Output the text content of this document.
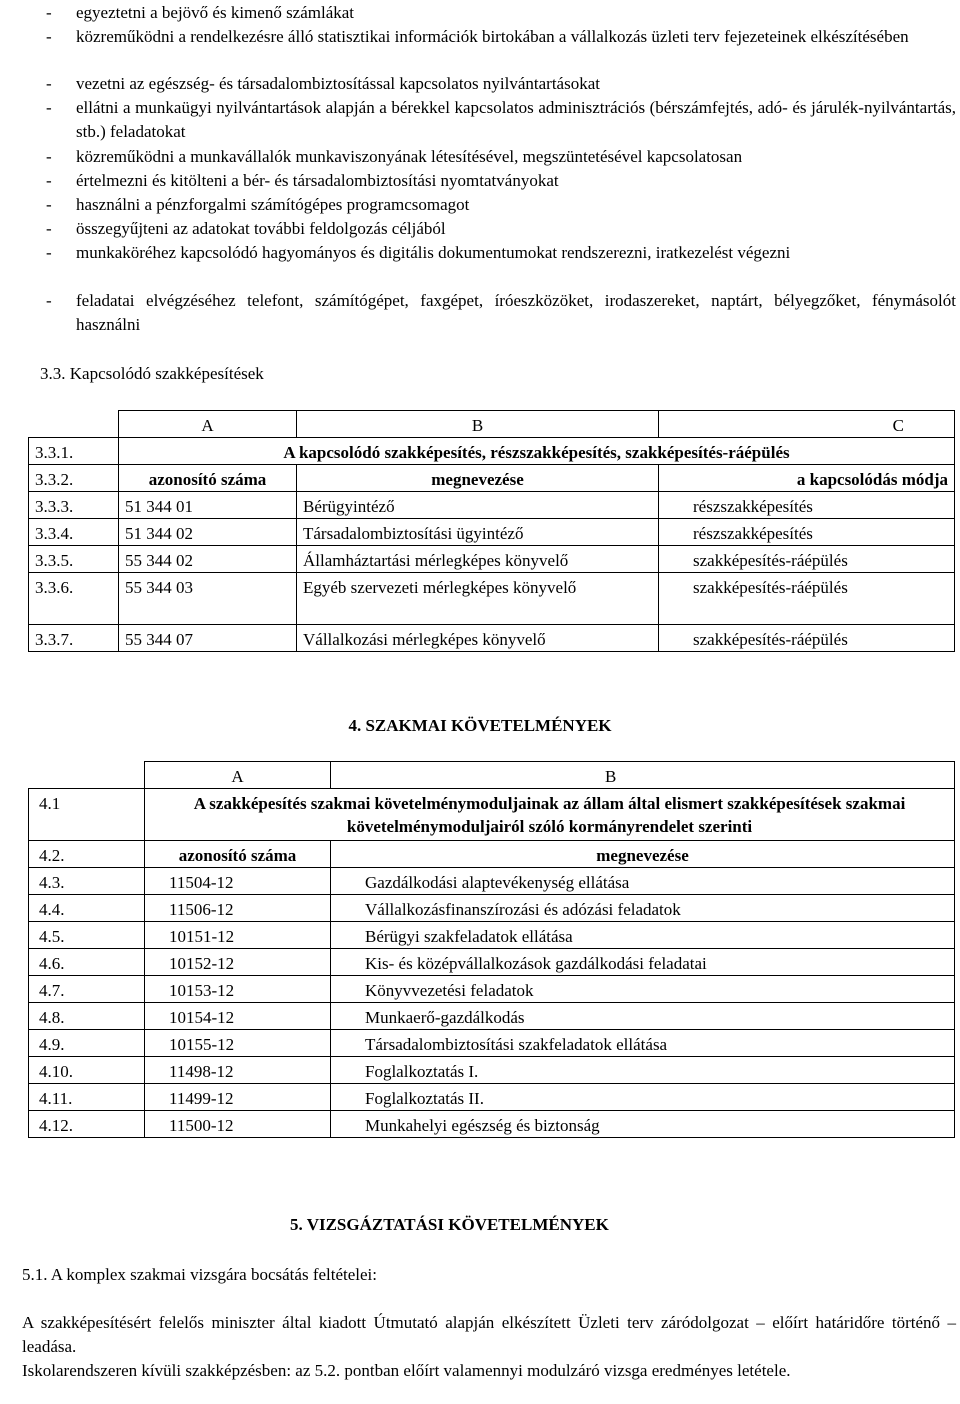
- egyeztetni a bejövő és kimenő számlákat
- közreműködni a rendelkezésre álló statisztikai információk birtokában a vállalkozás üzleti terv fejezeteinek elkészítésében
- vezetni az egészség- és társadalombiztosítással kapcsolatos nyilvántartásokat
- ellátni a munkaügyi nyilvántartások alapján a bérekkel kapcsolatos adminisztrációs (bérszámfejtés, adó- és járulék-nyilvántartás, stb.) feladatokat
- közreműködni a munkavállalók munkaviszonyának létesítésével, megszüntetésével kapcsolatosan
- értelmezni és kitölteni a bér- és társadalombiztosítási nyomtatványokat
- használni a pénzforgalmi számítógépes programcsomagot
- összegyűjteni az adatokat további feldolgozás céljából
- munkaköréhez kapcsolódó hagyományos és digitális dokumentumokat rendszerezni, iratkezelést végezni
- feladatai elvégzéséhez telefont, számítógépet, faxgépet, íróeszközöket, irodaszereket, naptárt, bélyegzőket, fénymásolót használni
3.3. Kapcsolódó szakképesítések
	A	B	C
3.3.1.	A kapcsolódó szakképesítés, részszakképesítés, szakképesítés-ráépülés		
3.3.2.	azonosító száma	megnevezése	a kapcsolódás módja
3.3.3.	51 344 01	Bérügyintéző	részszakképesítés
3.3.4.	51 344 02	Társadalombiztosítási ügyintéző	részszakképesítés
3.3.5.	55 344 02	Államháztartási mérlegképes könyvelő	szakképesítés-ráépülés
3.3.6.	55 344 03	Egyéb szervezeti mérlegképes könyvelő	szakképesítés-ráépülés
3.3.7.	55 344 07	Vállalkozási mérlegképes könyvelő	szakképesítés-ráépülés
4. SZAKMAI KÖVETELMÉNYEK
	A	B
4.1	A szakképesítés szakmai követelménymoduljainak az állam által elismert szakképesítések szakmai követelménymoduljairól szóló kormányrendelet szerinti	
4.2.	azonosító száma	megnevezése
4.3.	11504-12	Gazdálkodási alaptevékenység ellátása
4.4.	11506-12	Vállalkozásfinanszírozási és adózási feladatok
4.5.	10151-12	Bérügyi szakfeladatok ellátása
4.6.	10152-12	Kis- és középvállalkozások gazdálkodási feladatai
4.7.	10153-12	Könyvvezetési feladatok
4.8.	10154-12	Munkaerő-gazdálkodás
4.9.	10155-12	Társadalombiztosítási szakfeladatok ellátása
4.10.	11498-12	Foglalkoztatás I.
4.11.	11499-12	Foglalkoztatás II.
4.12.	11500-12	Munkahelyi egészség és biztonság
5. VIZSGÁZTATÁSI KÖVETELMÉNYEK
5.1. A komplex szakmai vizsgára bocsátás feltételei:
A szakképesítésért felelős miniszter által kiadott Útmutató alapján elkészített Üzleti terv záródolgozat – előírt határidőre történő – leadása.
Iskolarendszeren kívüli szakképzésben: az 5.2. pontban előírt valamennyi modulzáró vizsga eredményes letétele.
